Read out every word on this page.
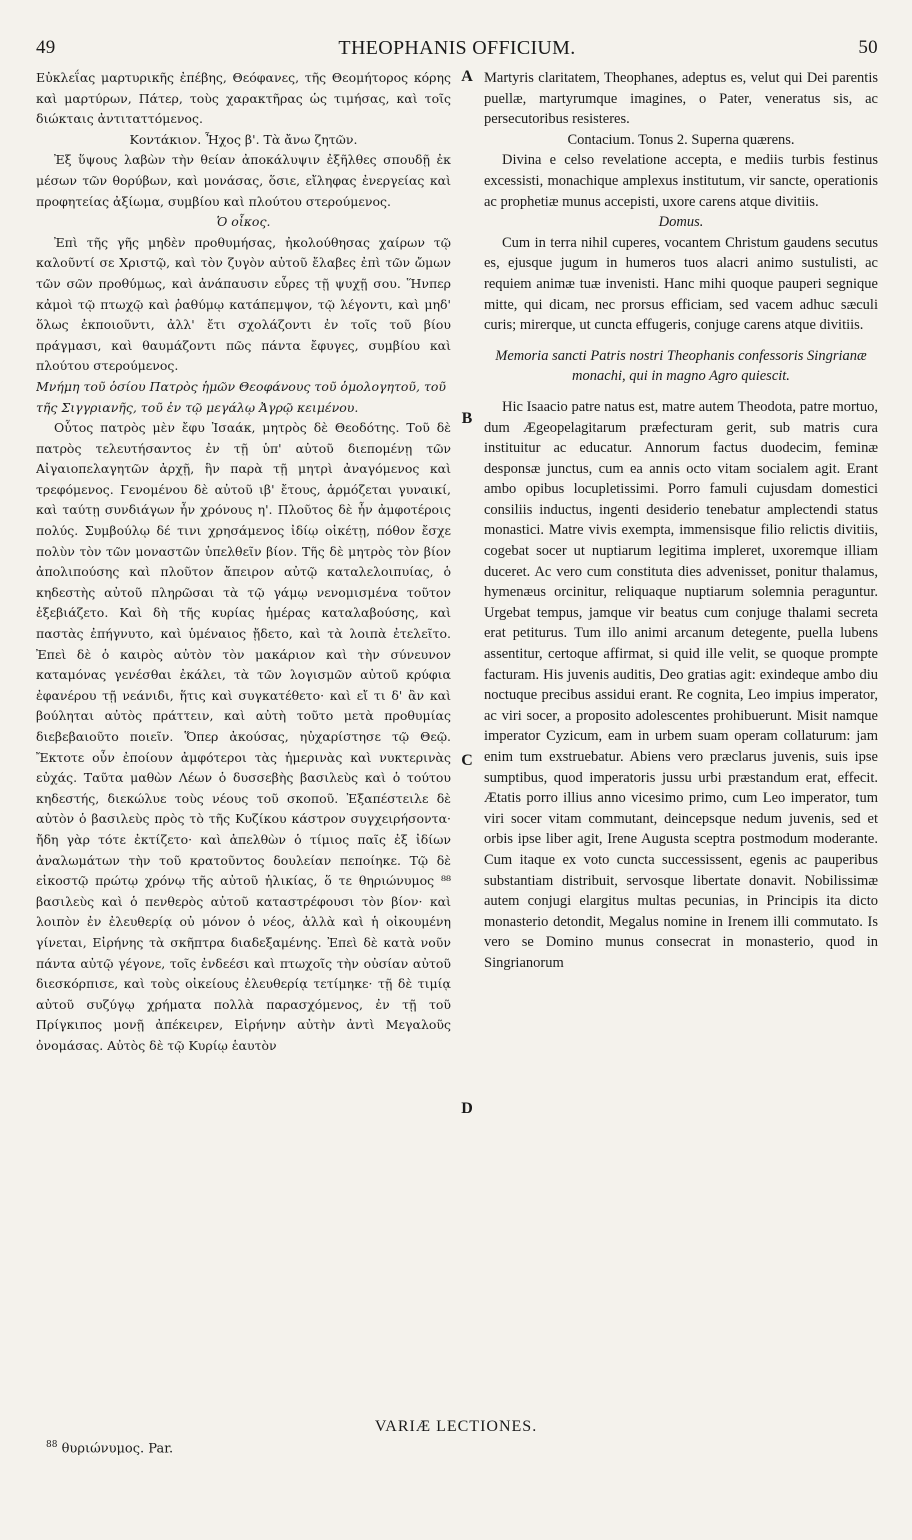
49	THEOPHANIS OFFICIUM.	50
A
B
C
D

Εὐκλεΐας μαρτυρικῆς ἐπέβης, Θεόφανες, τῆς Θεομήτορος κόρης καὶ μαρτύρων, Πάτερ, τοὺς χαρακτῆρας ὡς τιμήσας, καὶ τοῖς διώκταις ἀντιταττόμενος.

Κοντάκιον. Ἦχος β'. Τὰ ἄνω ζητῶν.

Ἐξ ὕψους λαβὼν τὴν θείαν ἀποκάλυψιν ἐξῆλθες σπουδῇ ἐκ μέσων τῶν θορύβων, καὶ μονάσας, ὅσιε, εἴληφας ἐνεργείας καὶ προφητείας ἀξίωμα, συμβίου καὶ πλούτου στερούμενος.

Ὁ οἶκος.

Ἐπὶ τῆς γῆς μηδὲν προθυμήσας, ἠκολούθησας χαίρων τῷ καλοῦντί σε Χριστῷ, καὶ τὸν ζυγὸν αὐτοῦ ἔλαβες ἐπὶ τῶν ὤμων τῶν σῶν προθύμως, καὶ ἀνάπαυσιν εὗρες τῇ ψυχῇ σου. Ἥνπερ κἀμοὶ τῷ πτωχῷ καὶ ῥαθύμῳ κατάπεμψον, τῷ λέγοντι, καὶ μηδ' ὅλως ἐκποιοῦντι, ἀλλ' ἔτι σχολάζοντι ἐν τοῖς τοῦ βίου πράγμασι, καὶ θαυμάζοντι πῶς πάντα ἔφυγες, συμβίου καὶ πλούτου στερούμενος.

Μνήμη τοῦ ὁσίου Πατρὸς ἡμῶν Θεοφάνους τοῦ ὁμολογητοῦ, τοῦ τῆς Σιγγριανῆς, τοῦ ἐν τῷ μεγάλῳ Ἀγρῷ κειμένου.

Οὗτος πατρὸς μὲν ἔφυ Ἰσαάκ, μητρὸς δὲ Θεοδότης. Τοῦ δὲ πατρὸς τελευτήσαντος ἐν τῇ ὑπ' αὐτοῦ διεπομένῃ τῶν Αἰγαιοπελαγητῶν ἀρχῇ, ἣν παρὰ τῇ μητρὶ ἀναγόμενος καὶ τρεφόμενος. Γενομένου δὲ αὐτοῦ ιβ' ἔτους, ἁρμόζεται γυναικί, καὶ ταύτῃ συνδιάγων ἦν χρόνους η'. Πλοῦτος δὲ ἦν ἀμφοτέροις πολύς. Συμβούλῳ δέ τινι χρησάμενος ἰδίῳ οἰκέτῃ, πόθον ἔσχε πολὺν τὸν τῶν μοναστῶν ὑπελθεῖν βίον. Τῆς δὲ μητρὸς τὸν βίον ἀπολιπούσης καὶ πλοῦτον ἄπειρον αὐτῷ καταλελοιπυίας, ὁ κηδεστὴς αὐτοῦ πληρῶσαι τὰ τῷ γάμῳ νενομισμένα τοῦτον ἐξεβιάζετο. Καὶ δὴ τῆς κυρίας ἡμέρας καταλαβούσης, καὶ παστὰς ἐπήγνυτο, καὶ ὑμέναιος ᾔδετο, καὶ τὰ λοιπὰ ἐτελεῖτο. Ἐπεὶ δὲ ὁ καιρὸς αὐτὸν τὸν μακάριον καὶ τὴν σύνευνον καταμόνας γενέσθαι ἐκάλει, τὰ τῶν λογισμῶν αὐτοῦ κρύφια ἐφανέρου τῇ νεάνιδι, ἥτις καὶ συγκατέθετο· καὶ εἴ τι δ' ἂν καὶ βούληται αὐτὸς πράττειν, καὶ αὐτὴ τοῦτο μετὰ προθυμίας διεβεβαιοῦτο ποιεῖν. Ὅπερ ἀκούσας, ηὐχαρίστησε τῷ Θεῷ. Ἔκτοτε οὖν ἐποίουν ἀμφότεροι τὰς ἡμερινὰς καὶ νυκτερινὰς εὐχάς. Ταῦτα μαθὼν Λέων ὁ δυσσεβὴς βασιλεὺς καὶ ὁ τούτου κηδεστής, διεκώλυε τοὺς νέους τοῦ σκοποῦ. Ἐξαπέστειλε δὲ αὐτὸν ὁ βασιλεὺς πρὸς τὸ τῆς Κυζίκου κάστρον συγχειρήσοντα· ἤδη γὰρ τότε ἐκτίζετο· καὶ ἀπελθὼν ὁ τίμιος παῖς ἐξ ἰδίων ἀναλωμάτων τὴν τοῦ κρατοῦντος δουλείαν πεποίηκε. Τῷ δὲ εἰκοστῷ πρώτῳ χρόνῳ τῆς αὐτοῦ ἡλικίας, ὅ τε θηριώνυμος ⁸⁸ βασιλεὺς καὶ ὁ πενθερὸς αὐτοῦ καταστρέφουσι τὸν βίον· καὶ λοιπὸν ἐν ἐλευθερίᾳ οὐ μόνον ὁ νέος, ἀλλὰ καὶ ἡ οἰκουμένη γίνεται, Εἰρήνης τὰ σκῆπτρα διαδεξαμένης. Ἐπεὶ δὲ κατὰ νοῦν πάντα αὐτῷ γέγονε, τοῖς ἐνδεέσι καὶ πτωχοῖς τὴν οὐσίαν αὐτοῦ διεσκόρπισε, καὶ τοὺς οἰκείους ἐλευθερίᾳ τετίμηκε· τῇ δὲ τιμίᾳ αὐτοῦ συζύγῳ χρήματα πολλὰ παρασχόμενος, ἐν τῇ τοῦ Πρίγκιπος μονῇ ἀπέκειρεν, Εἰρήνην αὐτὴν ἀντὶ Μεγαλοῦς ὀνομάσας. Αὐτὸς δὲ τῷ Κυρίῳ ἑαυτὸν

Martyris claritatem, Theophanes, adeptus es, velut qui Dei parentis puellæ, martyrumque imagines, o Pater, veneratus sis, ac persecutoribus resisteres.

Contacium. Tonus 2. Superna quærens.

Divina e celso revelatione accepta, e mediis turbis festinus excessisti, monachique amplexus institutum, vir sancte, operationis ac prophetiæ munus accepisti, uxore carens atque divitiis.

Domus.

Cum in terra nihil cuperes, vocantem Christum gaudens secutus es, ejusque jugum in humeros tuos alacri animo sustulisti, ac requiem animæ tuæ invenisti. Hanc mihi quoque pauperi segnique mitte, qui dicam, nec prorsus efficiam, sed vacem adhuc sæculi curis; mirerque, ut cuncta effugeris, conjuge carens atque divitiis.

Memoria sancti Patris nostri Theophanis confessoris Singrianæ monachi, qui in magno Agro quiescit.

Hic Isaacio patre natus est, matre autem Theodota, patre mortuo, dum Ægeopelagitarum præfecturam gerit, sub matris cura instituitur ac educatur. Annorum factus duodecim, feminæ desponsæ junctus, cum ea annis octo vitam socialem agit. Erant ambo opibus locupletissimi. Porro famuli cujusdam domestici consiliis inductus, ingenti desiderio tenebatur amplectendi status monastici. Matre vivis exempta, immensisque filio relictis divitiis, cogebat socer ut nuptiarum legitima impleret, uxoremque illiam duceret. Ac vero cum constituta dies advenisset, ponitur thalamus, hymenæus orcinitur, reliquaque nuptiarum solemnia peraguntur. Urgebat tempus, jamque vir beatus cum conjuge thalami secreta erat petiturus. Tum illo animi arcanum detegente, puella lubens assentitur, certoque affirmat, si quid ille velit, se quoque prompte facturam. His juvenis auditis, Deo gratias agit: exindeque ambo diu noctuque precibus assidui erant. Re cognita, Leo impius imperator, ac viri socer, a proposito adolescentes prohibuerunt. Misit namque imperator Cyzicum, eam in urbem suam operam collaturum: jam enim tum exstruebatur. Abiens vero præclarus juvenis, suis ipse sumptibus, quod imperatoris jussu urbi præstandum erat, effecit. Ætatis porro illius anno vicesimo primo, cum Leo imperator, tum viri socer vitam commutant, deincepsque nedum juvenis, sed et orbis ipse liber agit, Irene Augusta sceptra postmodum moderante. Cum itaque ex voto cuncta successissent, egenis ac pauperibus substantiam distribuit, servosque libertate donavit. Nobilissimæ autem conjugi elargitus multas pecunias, in Principis ita dicto monasterio detondit, Megalus nomine in Irenem illi commutato. Is vero se Domino munus consecrat in monasterio, quod in Singrianorum

VARIÆ LECTIONES.
$^{88}$ θυριώνυμος. Par.
